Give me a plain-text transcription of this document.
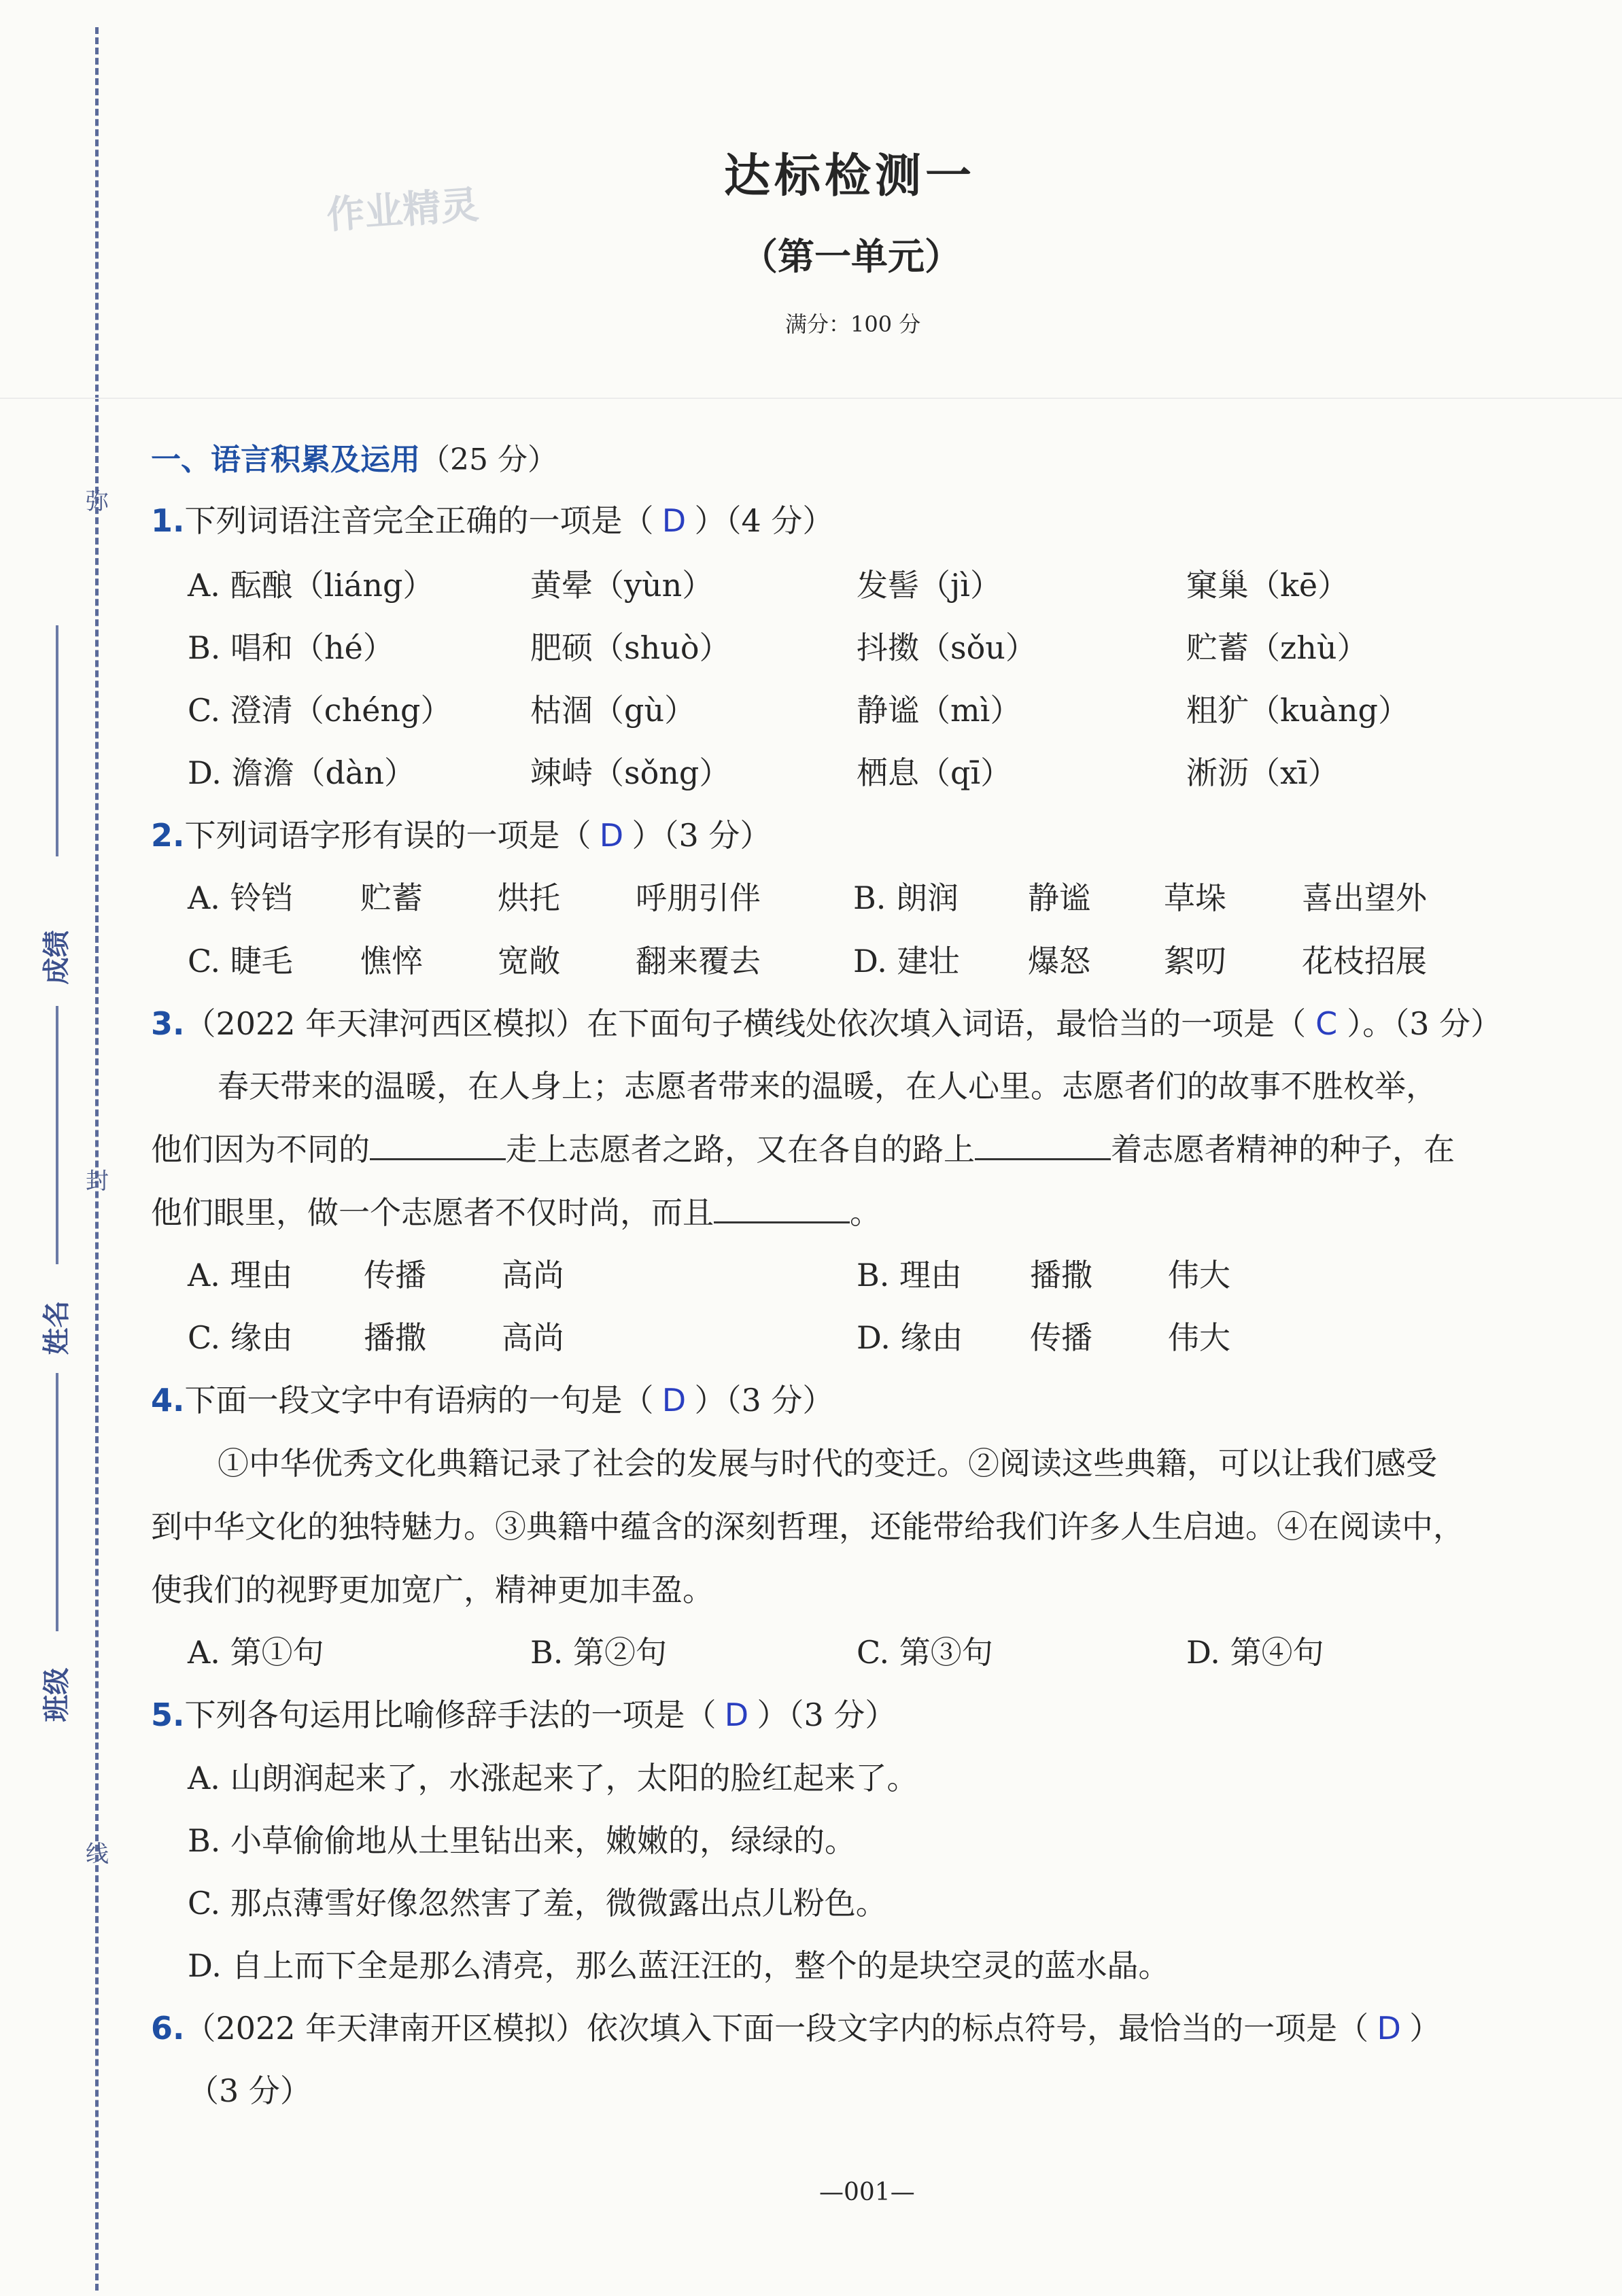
弥
封
线
成绩
姓名
班级
作业精灵
达标检测一
（第一单元）
满分：100 分
一、语言积累及运用（25 分）
1.下列词语注音完全正确的一项是（ D ）（4 分）
A. 酝酿（liáng）	黄晕（yùn）	发髻（jì）	窠巢（kē）
B. 唱和（hé）	肥硕（shuò）	抖擞（sǒu）	贮蓄（zhù）
C. 澄清（chéng）	枯涸（gù）	静谧（mì）	粗犷（kuàng）
D. 澹澹（dàn）	竦峙（sǒng）	栖息（qī）	淅沥（xī）
2.下列词语字形有误的一项是（ D ）（3 分）
A. 铃铛 贮蓄 烘托 呼朋引伴	B. 朗润 静谧 草垛 喜出望外
C. 睫毛 憔悴 宽敞 翻来覆去	D. 建壮 爆怒 絮叨 花枝招展
3.（2022 年天津河西区模拟）在下面句子横线处依次填入词语，最恰当的一项是（ C ）。（3 分）
春天带来的温暖，在人身上；志愿者带来的温暖，在人心里。志愿者们的故事不胜枚举，
他们因为不同的	走上志愿者之路，又在各自的路上	着志愿者精神的种子，在
他们眼里，做一个志愿者不仅时尚，而且	。
A. 理由 传播 高尚	B. 理由 播撒 伟大
C. 缘由 播撒 高尚	D. 缘由 传播 伟大
4.下面一段文字中有语病的一句是（ D ）（3 分）
①中华优秀文化典籍记录了社会的发展与时代的变迁。②阅读这些典籍，可以让我们感受
到中华文化的独特魅力。③典籍中蕴含的深刻哲理，还能带给我们许多人生启迪。④在阅读中，
使我们的视野更加宽广，精神更加丰盈。
A. 第①句	B. 第②句	C. 第③句	D. 第④句
5.下列各句运用比喻修辞手法的一项是（ D ）（3 分）
A. 山朗润起来了，水涨起来了，太阳的脸红起来了。
B. 小草偷偷地从土里钻出来，嫩嫩的，绿绿的。
C. 那点薄雪好像忽然害了羞，微微露出点儿粉色。
D. 自上而下全是那么清亮，那么蓝汪汪的，整个的是块空灵的蓝水晶。
6.（2022 年天津南开区模拟）依次填入下面一段文字内的标点符号，最恰当的一项是（ D ）
（3 分）
—001—
